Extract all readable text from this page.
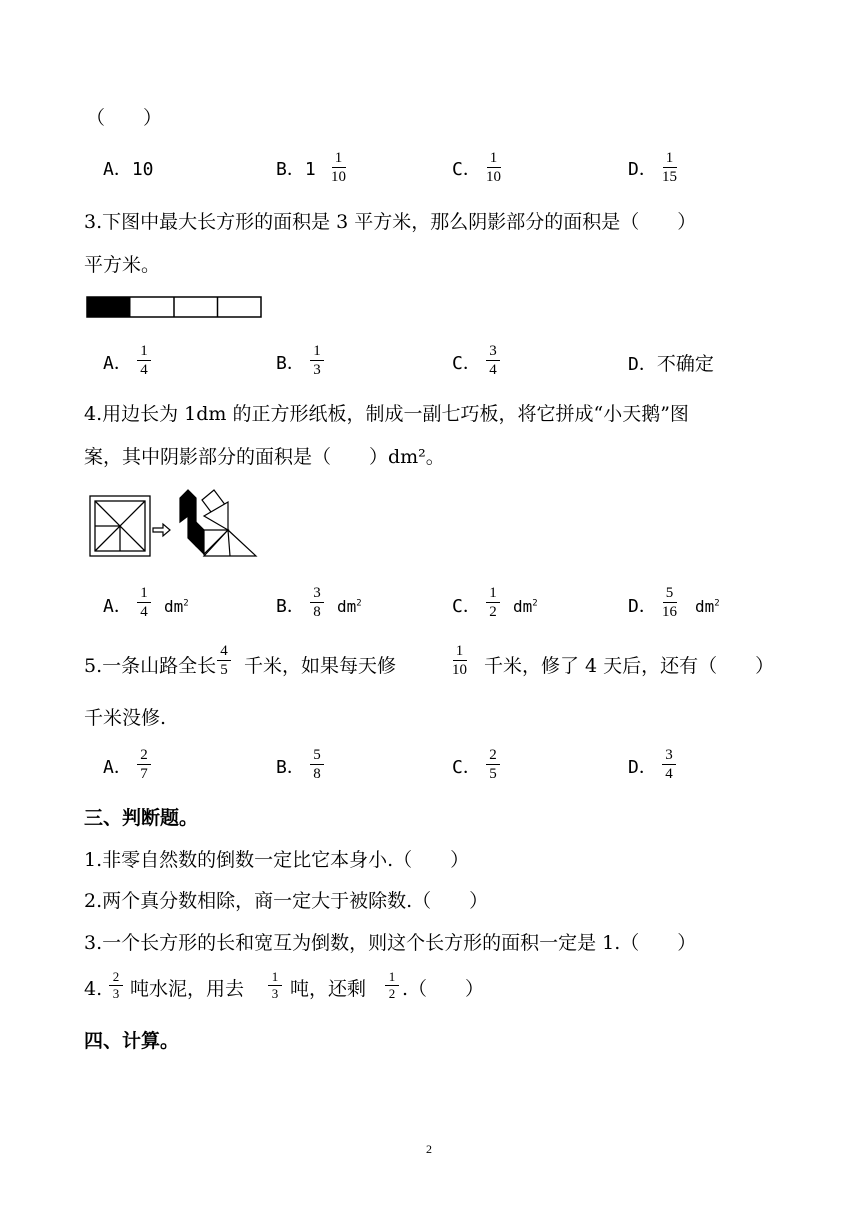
（　　）
A．10	B．$1 \frac{1}{10}$	C． $\frac{1}{10}$	D． $\frac{1}{15}$
3.下图中最大长方形的面积是 3 平方米，那么阴影部分的面积是（　　）
平方米。
A． $\frac{1}{4}$	B． $\frac{1}{3}$	C． $\frac{3}{4}$	D．不确定
4.用边长为 1dm 的正方形纸板，制成一副七巧板，将它拼成“小天鹅”图
案，其中阴影部分的面积是（　　）dm²。
A． $\frac{1}{4} dm^2$	B． $\frac{3}{8} dm^2$	C． $\frac{1}{2} dm^2$	D． $\frac{5}{16} dm^2$
5.一条山路全长 $\frac{4}{5}$ 千米，如果每天修	$\frac{1}{10}$ 千米，修了 4 天后，还有（　　）
千米没修.
A． $\frac{2}{7}$	B． $\frac{5}{8}$	C． $\frac{2}{5}$	D． $\frac{3}{4}$
三、判断题。
1.非零自然数的倒数一定比它本身小.（　　）
2.两个真分数相除，商一定大于被除数.（　　）
3.一个长方形的长和宽互为倒数，则这个长方形的面积一定是 1.（　　）
4. $\frac{2}{3}$ 吨水泥，用去 $\frac{1}{3}$ 吨，还剩 $\frac{1}{2}$ .（　　）
四、计算。
2
